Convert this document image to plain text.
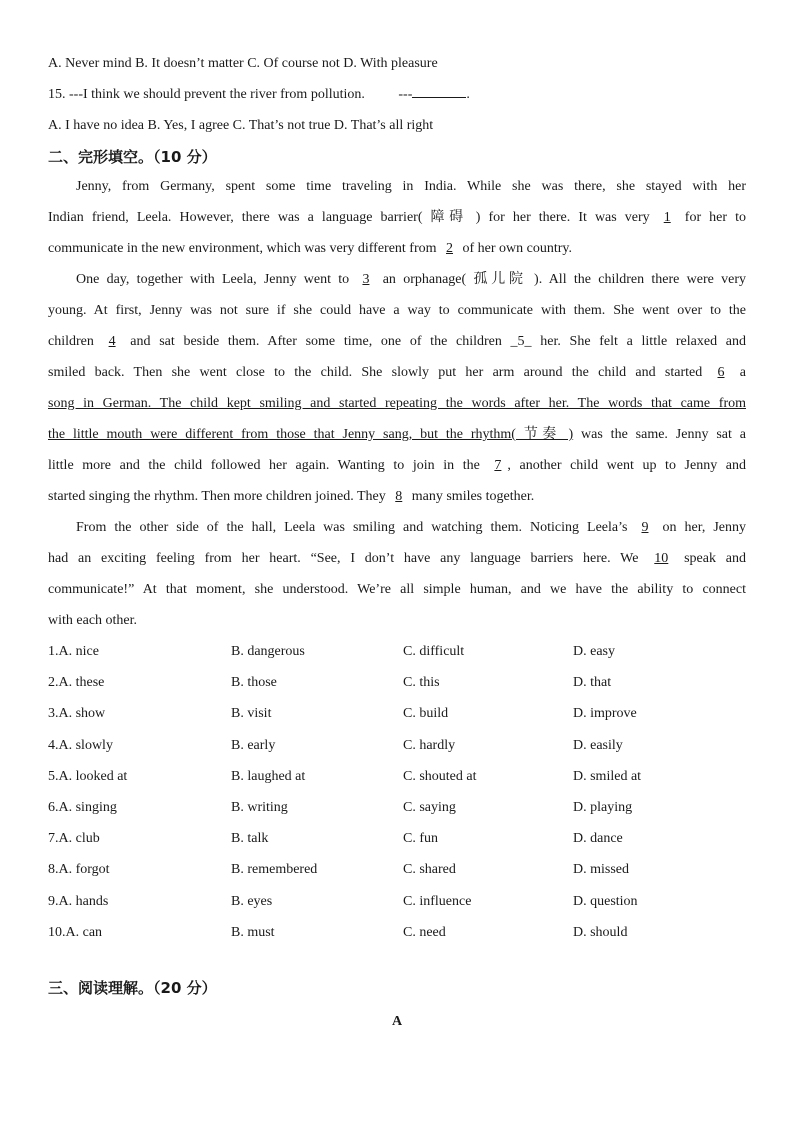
A. Never mind B. It doesn’t matter C. Of course not D. With pleasure
15. ---I think we should prevent the river from pollution. ---	.
A. I have no idea B. Yes, I agree C. That’s not true D. That’s all right
二、完形填空。（10 分）
Jenny, from Germany, spent some time traveling in India. While she was there, she stayed with her
Indian friend, Leela. However, there was a language barrier( 障碍 ) for her there. It was very 1 for her to
communicate in the new environment, which was very different from 2 of her own country.
One day, together with Leela, Jenny went to 3 an orphanage( 孤儿院 ). All the children there were very
young. At first, Jenny was not sure if she could have a way to communicate with them. She went over to the
children 4 and sat beside them. After some time, one of the children _5_ her. She felt a little relaxed and
smiled back. Then she went close to the child. She slowly put her arm around the child and started 6 a
song in German. The child kept smiling and started repeating the words after her. The words that came from
the little mouth were different from those that Jenny sang, but the rhythm( 节奏 ) was the same. Jenny sat a
little more and the child followed her again. Wanting to join in the 7 , another child went up to Jenny and
started singing the rhythm. Then more children joined. They 8 many smiles together.
From the other side of the hall, Leela was smiling and watching them. Noticing Leela’s 9 on her, Jenny
had an exciting feeling from her heart. “See, I don’t have any language barriers here. We 10 speak and
communicate!” At that moment, she understood. We’re all simple human, and we have the ability to connect
with each other.
1.A. nice	B. dangerous	C. difficult	D. easy
2.A. these	B. those	C. this	D. that
3.A. show	B. visit	C. build	D. improve
4.A. slowly	B. early	C. hardly	D. easily
5.A. looked at	B. laughed at	C. shouted at	D. smiled at
6.A. singing	B. writing	C. saying	D. playing
7.A. club	B. talk	C. fun	D. dance
8.A. forgot	B. remembered	C. shared	D. missed
9.A. hands	B. eyes	C. influence	D. question
10.A. can	B. must	C. need	D. should
三、阅读理解。（20 分）
A
